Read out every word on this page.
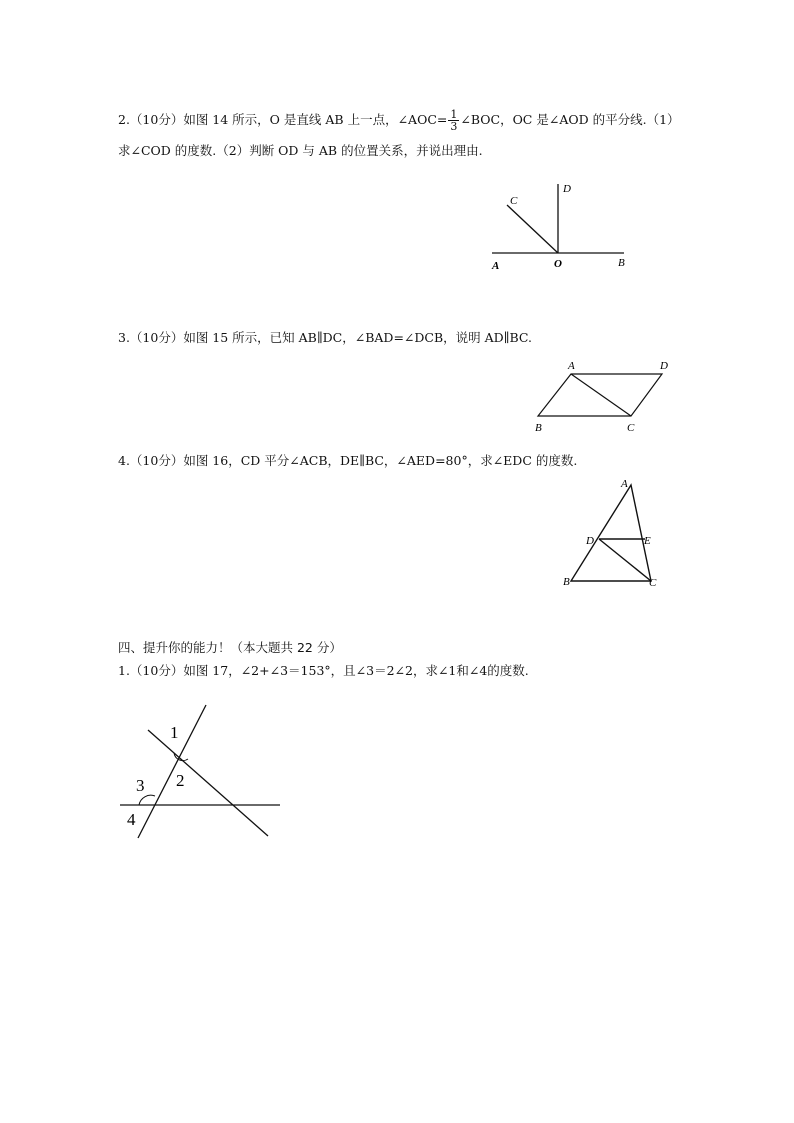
2.（10分）如图 14 所示，O 是直线 AB 上一点，∠AOC= $\frac{1}{3}$ ∠BOC，OC 是∠AOD 的平分线.（1）
求∠COD 的度数.（2）判断 OD 与 AB 的位置关系，并说出理由.
A	O	B
C
D
3.（10分）如图 15 所示，已知 AB∥DC，∠BAD=∠DCB，说明 AD∥BC.
A	D
B	C
4.（10分）如图 16，CD 平分∠ACB，DE∥BC，∠AED=80°，求∠EDC 的度数.
A
D	E
B	C
四、提升你的能力！（本大题共 22 分）
1.（10分）如图 17，∠2+∠3＝153°，且∠3＝2∠2，求∠1和∠4的度数.
1
2
3
4
